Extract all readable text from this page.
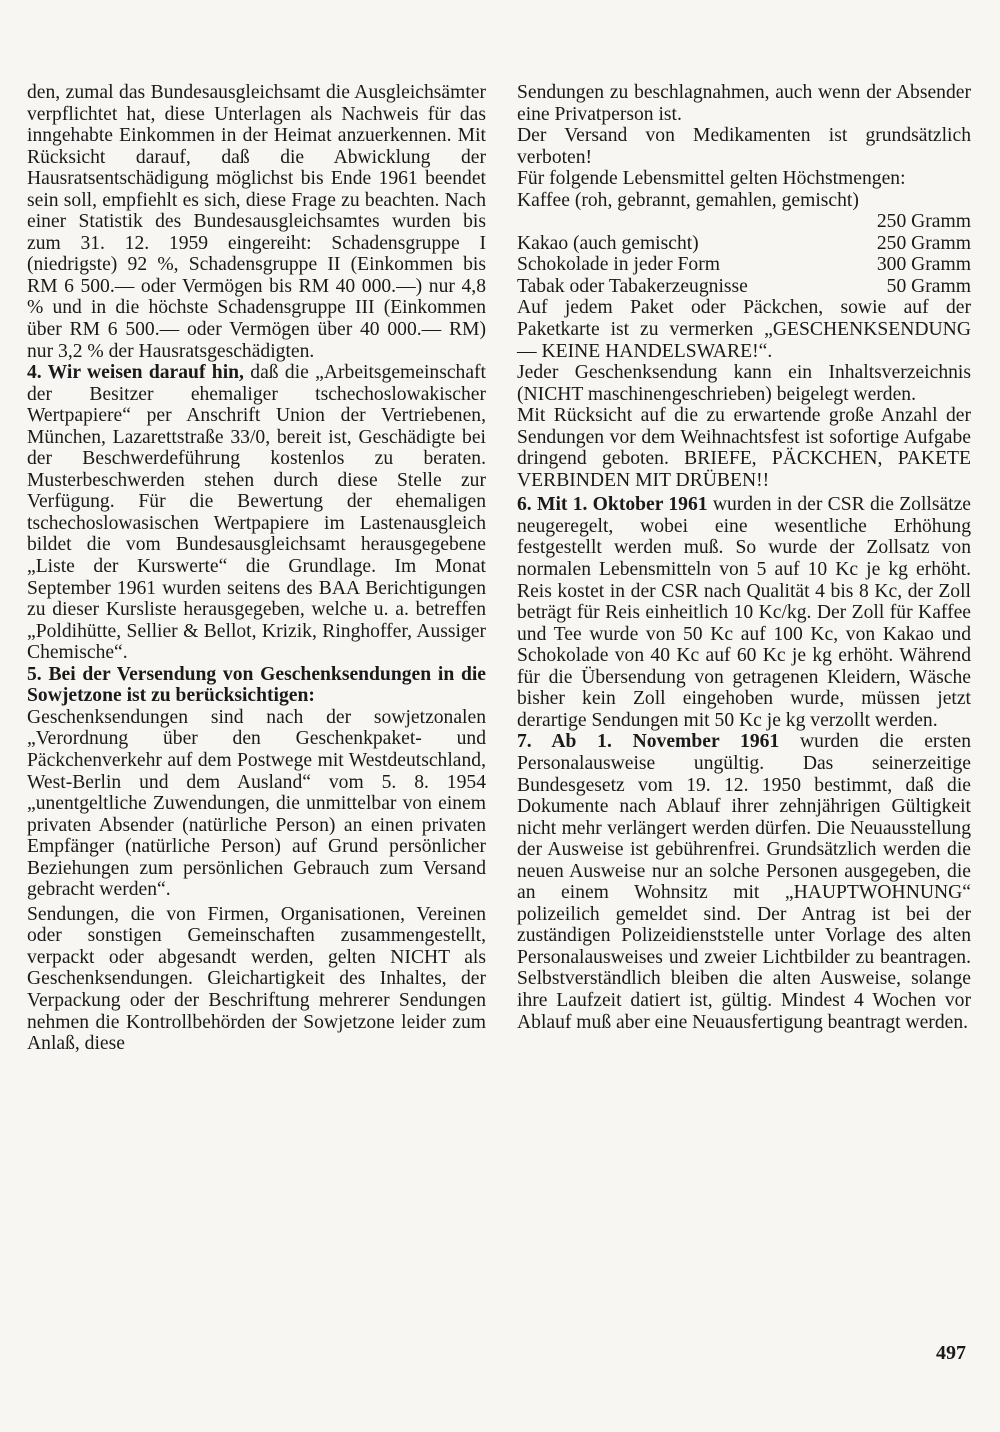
den, zumal das Bundesausgleichsamt die Ausgleichsämter verpflichtet hat, diese Unterlagen als Nachweis für das inngehabte Einkommen in der Heimat anzuerkennen. Mit Rücksicht darauf, daß die Abwicklung der Hausratsentschädigung möglichst bis Ende 1961 beendet sein soll, empfiehlt es sich, diese Frage zu beachten. Nach einer Statistik des Bundesausgleichsamtes wurden bis zum 31. 12. 1959 eingereiht: Schadensgruppe I (niedrigste) 92 %, Schadensgruppe II (Einkommen bis RM 6 500.— oder Vermögen bis RM 40 000.—) nur 4,8 % und in die höchste Schadensgruppe III (Einkommen über RM 6 500.— oder Vermögen über 40 000.— RM) nur 3,2 % der Hausratsgeschädigten.

4. Wir weisen darauf hin, daß die „Arbeitsgemeinschaft der Besitzer ehemaliger tschechoslowakischer Wertpapiere“ per Anschrift Union der Vertriebenen, München, Lazarettstraße 33/0, bereit ist, Geschädigte bei der Beschwerdeführung kostenlos zu beraten. Musterbeschwerden stehen durch diese Stelle zur Verfügung. Für die Bewertung der ehemaligen tschechoslowasischen Wertpapiere im Lastenausgleich bildet die vom Bundesausgleichsamt herausgegebene „Liste der Kurswerte“ die Grundlage. Im Monat September 1961 wurden seitens des BAA Berichtigungen zu dieser Kursliste herausgegeben, welche u. a. betreffen „Poldihütte, Sellier & Bellot, Krizik, Ringhoffer, Aussiger Chemische“.

5. Bei der Versendung von Geschenksendungen in die Sowjetzone ist zu berücksichtigen:

Geschenksendungen sind nach der sowjetzonalen „Verordnung über den Geschenkpaket- und Päckchenverkehr auf dem Postwege mit Westdeutschland, West-Berlin und dem Ausland“ vom 5. 8. 1954 „unentgeltliche Zuwendungen, die unmittelbar von einem privaten Absender (natürliche Person) an einen privaten Empfänger (natürliche Person) auf Grund persönlicher Beziehungen zum persönlichen Gebrauch zum Versand gebracht werden“.

Sendungen, die von Firmen, Organisationen, Vereinen oder sonstigen Gemeinschaften zusammengestellt, verpackt oder abgesandt werden, gelten NICHT als Geschenksendungen. Gleichartigkeit des Inhaltes, der Verpackung oder der Beschriftung mehrerer Sendungen nehmen die Kontrollbehörden der Sowjetzone leider zum Anlaß, diese

Sendungen zu beschlagnahmen, auch wenn der Absender eine Privatperson ist.

Der Versand von Medikamenten ist grundsätzlich verboten!

Für folgende Lebensmittel gelten Höchstmengen:

Kaffee (roh, gebrannt, gemahlen, gemischt)
250 Gramm
Kakao (auch gemischt)	250 Gramm
Schokolade in jeder Form	300 Gramm
Tabak oder Tabakerzeugnisse	50 Gramm

Auf jedem Paket oder Päckchen, sowie auf der Paketkarte ist zu vermerken „GESCHENKSENDUNG — KEINE HANDELSWARE!“.

Jeder Geschenksendung kann ein Inhaltsverzeichnis (NICHT maschinengeschrieben) beigelegt werden.

Mit Rücksicht auf die zu erwartende große Anzahl der Sendungen vor dem Weihnachtsfest ist sofortige Aufgabe dringend geboten. BRIEFE, PÄCKCHEN, PAKETE VERBINDEN MIT DRÜBEN!!

6. Mit 1. Oktober 1961 wurden in der CSR die Zollsätze neugeregelt, wobei eine wesentliche Erhöhung festgestellt werden muß. So wurde der Zollsatz von normalen Lebensmitteln von 5 auf 10 Kc je kg erhöht. Reis kostet in der CSR nach Qualität 4 bis 8 Kc, der Zoll beträgt für Reis einheitlich 10 Kc/kg. Der Zoll für Kaffee und Tee wurde von 50 Kc auf 100 Kc, von Kakao und Schokolade von 40 Kc auf 60 Kc je kg erhöht. Während für die Übersendung von getragenen Kleidern, Wäsche bisher kein Zoll eingehoben wurde, müssen jetzt derartige Sendungen mit 50 Kc je kg verzollt werden.

7. Ab 1. November 1961 wurden die ersten Personalausweise ungültig. Das seinerzeitige Bundesgesetz vom 19. 12. 1950 bestimmt, daß die Dokumente nach Ablauf ihrer zehnjährigen Gültigkeit nicht mehr verlängert werden dürfen. Die Neuausstellung der Ausweise ist gebührenfrei. Grundsätzlich werden die neuen Ausweise nur an solche Personen ausgegeben, die an einem Wohnsitz mit „HAUPTWOHNUNG“ polizeilich gemeldet sind. Der Antrag ist bei der zuständigen Polizeidienststelle unter Vorlage des alten Personalausweises und zweier Lichtbilder zu beantragen. Selbstverständlich bleiben die alten Ausweise, solange ihre Laufzeit datiert ist, gültig. Mindest 4 Wochen vor Ablauf muß aber eine Neuausfertigung beantragt werden.

497
